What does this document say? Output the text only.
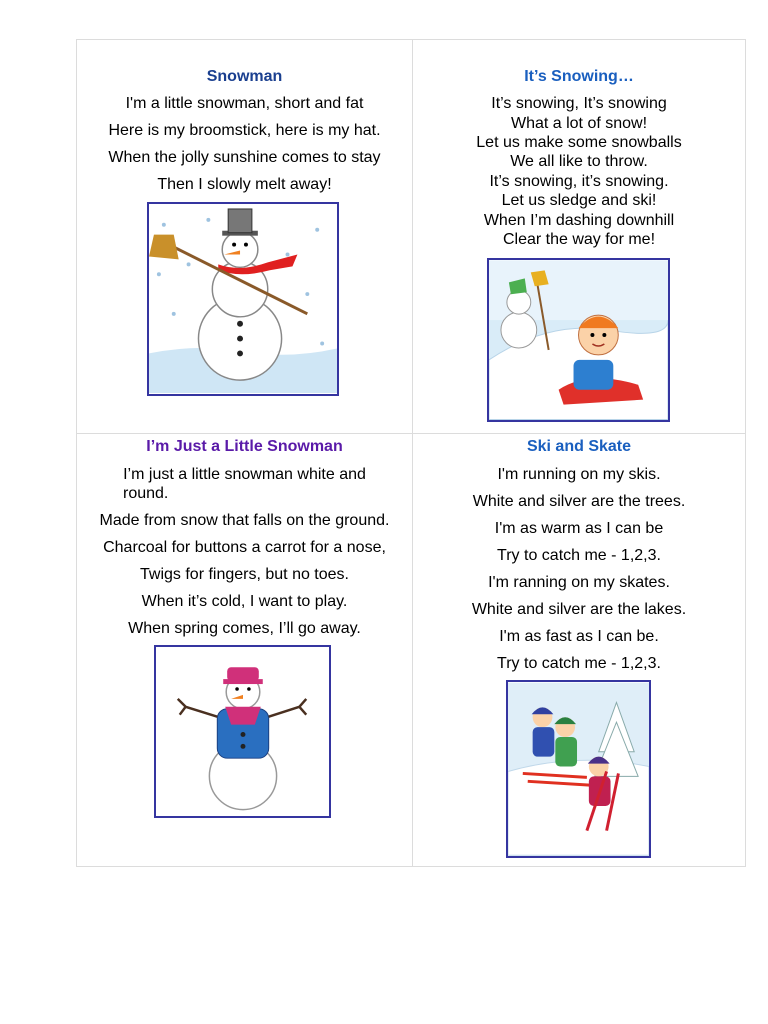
Snowman
I'm a little snowman, short and fat
Here is my broomstick, here is my hat.
When the jolly sunshine comes to stay
Then I slowly melt away!
It’s Snowing…
It’s snowing, It’s snowing
What a lot of snow!
Let us make some snowballs
We all like to throw.
It’s snowing, it’s snowing.
Let us sledge and ski!
When I’m dashing downhill
Clear the way for me!
I’m Just a Little Snowman
I’m just a little snowman white and
round.
Made from snow that falls on the ground.
Charcoal for buttons a carrot for a nose,
Twigs for fingers, but no toes.
When it’s cold, I want to play.
When spring comes, I’ll go away.
Ski and Skate
I'm running on my skis.
White and silver are the trees.
I'm as warm as I can be
Try to catch me - 1,2,3.
I'm ranning on my skates.
White and silver are the lakes.
I'm as fast as I can be.
Try to catch me - 1,2,3.
